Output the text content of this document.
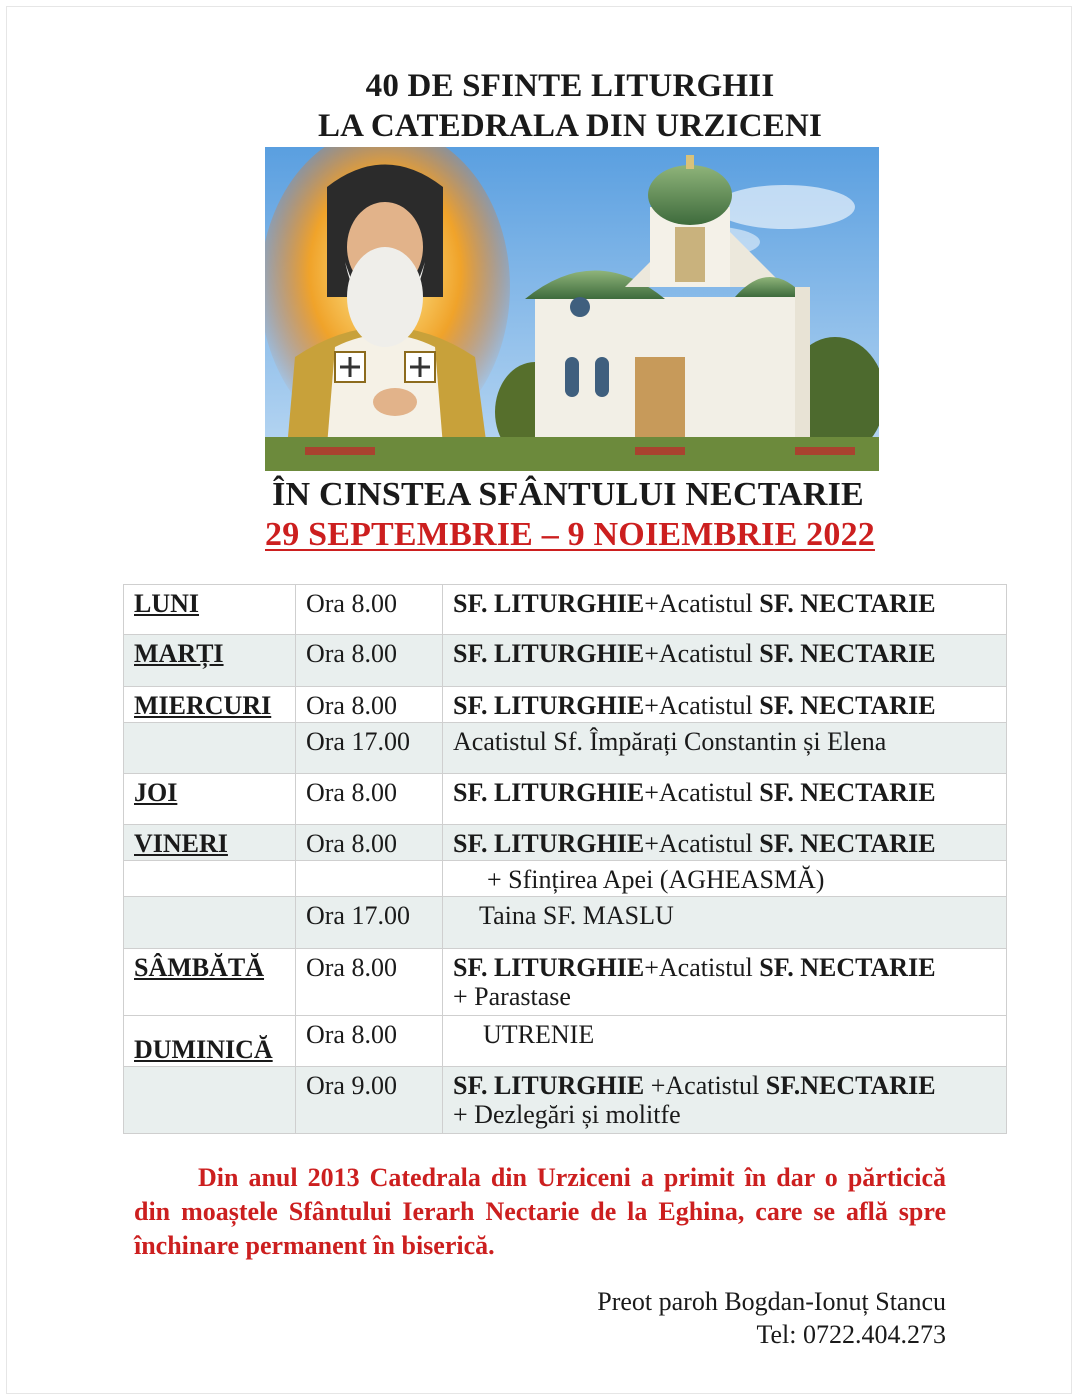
40 DE SFINTE LITURGHII
LA CATEDRALA DIN URZICENI
ÎN CINSTEA SFÂNTULUI NECTARIE
29 SEPTEMBRIE – 9 NOIEMBRIE 2022
LUNI	Ora 8.00	SF. LITURGHIE+Acatistul SF. NECTARIE
MARȚI	Ora 8.00	SF. LITURGHIE+Acatistul SF. NECTARIE
MIERCURI	Ora 8.00	SF. LITURGHIE+Acatistul SF. NECTARIE
	Ora 17.00	Acatistul Sf. Împărați Constantin și Elena
JOI	Ora 8.00	SF. LITURGHIE+Acatistul SF. NECTARIE
VINERI	Ora 8.00	SF. LITURGHIE+Acatistul SF. NECTARIE
		+ Sfințirea Apei (AGHEASMĂ)
	Ora 17.00	Taina SF. MASLU
SÂMBĂTĂ	Ora 8.00	SF. LITURGHIE+Acatistul SF. NECTARIE
+ Parastase
DUMINICĂ	Ora 8.00	UTRENIE
	Ora 9.00	SF. LITURGHIE +Acatistul SF.NECTARIE
+ Dezlegări și molitfe
Din anul 2013 Catedrala din Urziceni a primit în dar o părticică din moaștele Sfântului Ierarh Nectarie de la Eghina, care se află spre închinare permanent în biserică.
Preot paroh Bogdan-Ionuț Stancu
Tel: 0722.404.273
